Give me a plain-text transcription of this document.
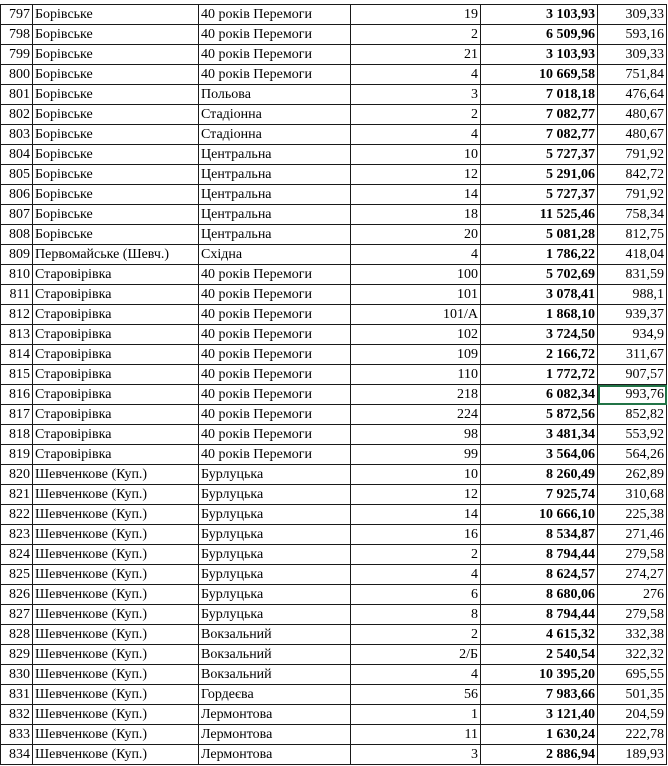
797	Борівське	40 років Перемоги	19	3 103,93	309,33
798	Борівське	40 років Перемоги	2	6 509,96	593,16
799	Борівське	40 років Перемоги	21	3 103,93	309,33
800	Борівське	40 років Перемоги	4	10 669,58	751,84
801	Борівське	Польова	3	7 018,18	476,64
802	Борівське	Стадіонна	2	7 082,77	480,67
803	Борівське	Стадіонна	4	7 082,77	480,67
804	Борівське	Центральна	10	5 727,37	791,92
805	Борівське	Центральна	12	5 291,06	842,72
806	Борівське	Центральна	14	5 727,37	791,92
807	Борівське	Центральна	18	11 525,46	758,34
808	Борівське	Центральна	20	5 081,28	812,75
809	Первомайське (Шевч.)	Східна	4	1 786,22	418,04
810	Старовірівка	40 років Перемоги	100	5 702,69	831,59
811	Старовірівка	40 років Перемоги	101	3 078,41	988,1
812	Старовірівка	40 років Перемоги	101/А	1 868,10	939,37
813	Старовірівка	40 років Перемоги	102	3 724,50	934,9
814	Старовірівка	40 років Перемоги	109	2 166,72	311,67
815	Старовірівка	40 років Перемоги	110	1 772,72	907,57
816	Старовірівка	40 років Перемоги	218	6 082,34	993,76
817	Старовірівка	40 років Перемоги	224	5 872,56	852,82
818	Старовірівка	40 років Перемоги	98	3 481,34	553,92
819	Старовірівка	40 років Перемоги	99	3 564,06	564,26
820	Шевченкове (Куп.)	Бурлуцька	10	8 260,49	262,89
821	Шевченкове (Куп.)	Бурлуцька	12	7 925,74	310,68
822	Шевченкове (Куп.)	Бурлуцька	14	10 666,10	225,38
823	Шевченкове (Куп.)	Бурлуцька	16	8 534,87	271,46
824	Шевченкове (Куп.)	Бурлуцька	2	8 794,44	279,58
825	Шевченкове (Куп.)	Бурлуцька	4	8 624,57	274,27
826	Шевченкове (Куп.)	Бурлуцька	6	8 680,06	276
827	Шевченкове (Куп.)	Бурлуцька	8	8 794,44	279,58
828	Шевченкове (Куп.)	Вокзальний	2	4 615,32	332,38
829	Шевченкове (Куп.)	Вокзальний	2/Б	2 540,54	322,32
830	Шевченкове (Куп.)	Вокзальний	4	10 395,20	695,55
831	Шевченкове (Куп.)	Гордеєва	56	7 983,66	501,35
832	Шевченкове (Куп.)	Лермонтова	1	3 121,40	204,59
833	Шевченкове (Куп.)	Лермонтова	11	1 630,24	222,78
834	Шевченкове (Куп.)	Лермонтова	3	2 886,94	189,93
